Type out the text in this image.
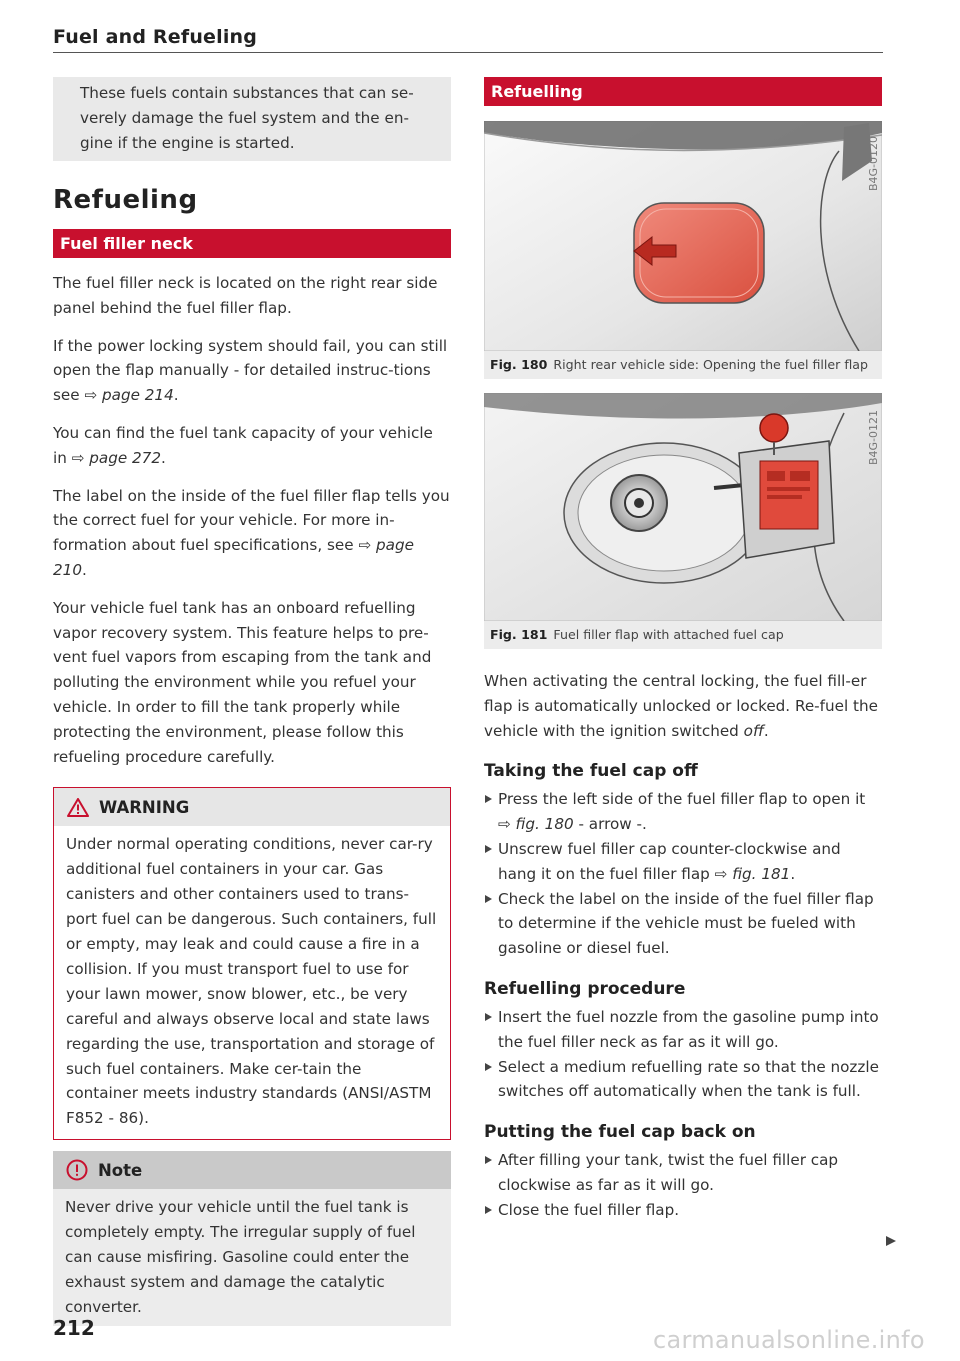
Fuel and Refueling
These fuels contain substances that can se-verely damage the fuel system and the en-gine if the engine is started.
Refueling
Fuel filler neck

The fuel filler neck is located on the right rear side panel behind the fuel filler flap.

If the power locking system should fail, you can still open the flap manually - for detailed instruc-tions see ⇨ page 214.

You can find the fuel tank capacity of your vehicle in ⇨ page 272.

The label on the inside of the fuel filler flap tells you the correct fuel for your vehicle. For more in-formation about fuel specifications, see ⇨ page 210.

Your vehicle fuel tank has an onboard refuelling vapor recovery system. This feature helps to pre-vent fuel vapors from escaping from the tank and polluting the environment while you refuel your vehicle. In order to fill the tank properly while protecting the environment, please follow this refueling procedure carefully.

WARNING
Under normal operating conditions, never car-ry additional fuel containers in your car. Gas canisters and other containers used to trans-port fuel can be dangerous. Such containers, full or empty, may leak and could cause a fire in a collision. If you must transport fuel to use for your lawn mower, snow blower, etc., be very careful and always observe local and state laws regarding the use, transportation and storage of such fuel containers. Make cer-tain the container meets industry standards (ANSI/ASTM F852 - 86).
Note
Never drive your vehicle until the fuel tank is completely empty. The irregular supply of fuel can cause misfiring. Gasoline could enter the exhaust system and damage the catalytic converter.
Refuelling
B4G-0120
Fig. 180 Right rear vehicle side: Opening the fuel filler flap
B4G-0121
Fig. 181 Fuel filler flap with attached fuel cap

When activating the central locking, the fuel fill-er flap is automatically unlocked or locked. Re-fuel the vehicle with the ignition switched off.

Taking the fuel cap off
Press the left side of the fuel filler flap to open it ⇨ fig. 180 - arrow -.
Unscrew fuel filler cap counter-clockwise and hang it on the fuel filler flap ⇨ fig. 181.
Check the label on the inside of the fuel filler flap to determine if the vehicle must be fueled with gasoline or diesel fuel.
Refuelling procedure
Insert the fuel nozzle from the gasoline pump into the fuel filler neck as far as it will go.
Select a medium refuelling rate so that the nozzle switches off automatically when the tank is full.
Putting the fuel cap back on
After filling your tank, twist the fuel filler cap clockwise as far as it will go.
Close the fuel filler flap.
212	carmanualsonline.info
